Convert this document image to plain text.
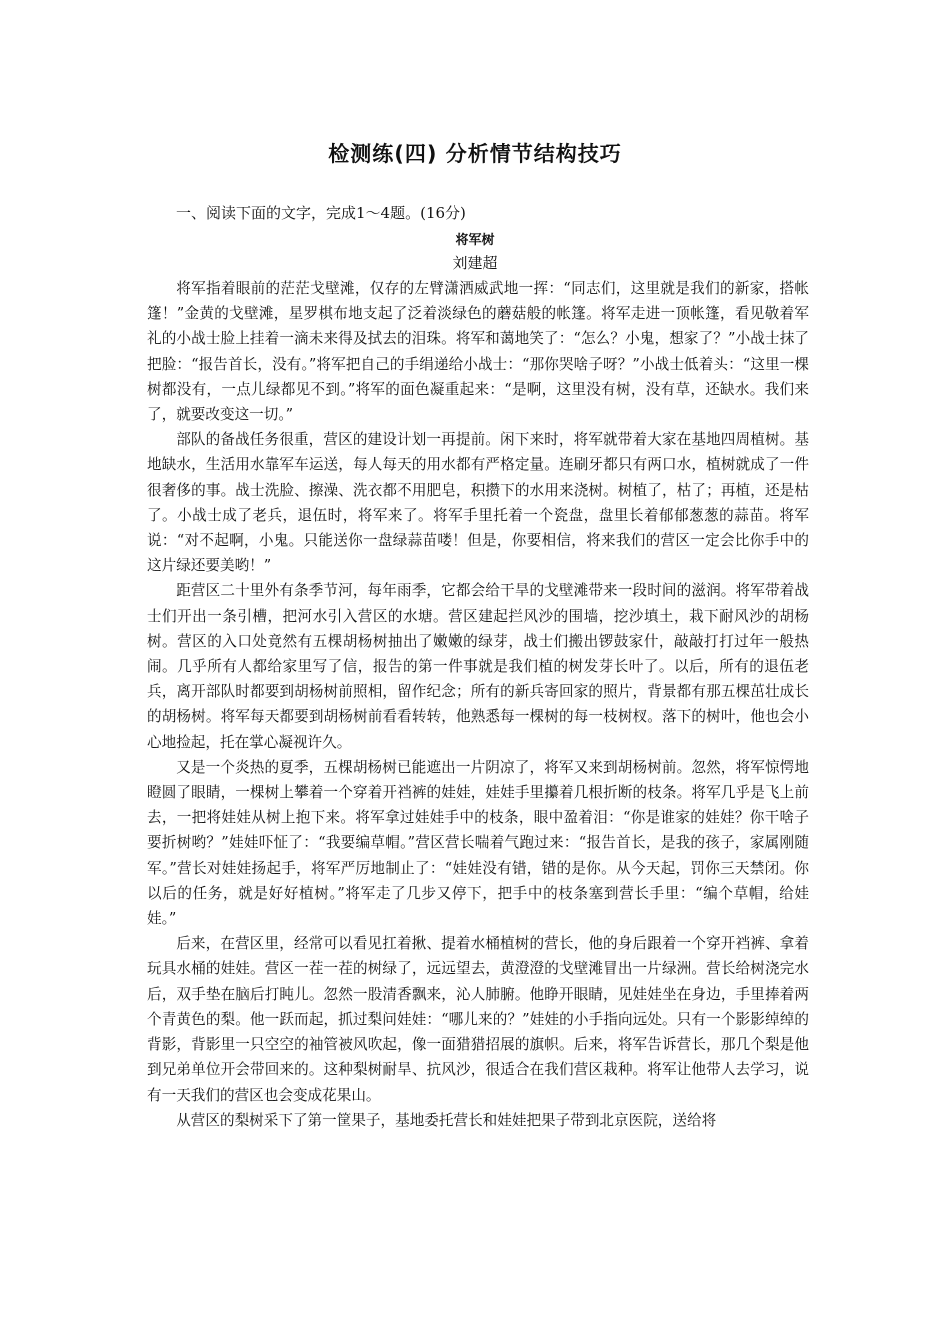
检测练(四) 分析情节结构技巧

一、阅读下面的文字，完成1～4题。(16分)

将军树

刘建超

将军指着眼前的茫茫戈壁滩，仅存的左臂潇洒威武地一挥：“同志们，这里就是我们的新家，搭帐篷！”金黄的戈壁滩，星罗棋布地支起了泛着淡绿色的蘑菇般的帐篷。将军走进一顶帐篷，看见敬着军礼的小战士脸上挂着一滴未来得及拭去的泪珠。将军和蔼地笑了：“怎么？小鬼，想家了？”小战士抹了把脸：“报告首长，没有。”将军把自己的手绢递给小战士：“那你哭啥子呀？”小战士低着头：“这里一棵树都没有，一点儿绿都见不到。”将军的面色凝重起来：“是啊，这里没有树，没有草，还缺水。我们来了，就要改变这一切。”

部队的备战任务很重，营区的建设计划一再提前。闲下来时，将军就带着大家在基地四周植树。基地缺水，生活用水靠军车运送，每人每天的用水都有严格定量。连刷牙都只有两口水，植树就成了一件很奢侈的事。战士洗脸、擦澡、洗衣都不用肥皂，积攒下的水用来浇树。树植了，枯了；再植，还是枯了。小战士成了老兵，退伍时，将军来了。将军手里托着一个瓷盘，盘里长着郁郁葱葱的蒜苗。将军说：“对不起啊，小鬼。只能送你一盘绿蒜苗喽！但是，你要相信，将来我们的营区一定会比你手中的这片绿还要美哟！”

距营区二十里外有条季节河，每年雨季，它都会给干旱的戈壁滩带来一段时间的滋润。将军带着战士们开出一条引槽，把河水引入营区的水塘。营区建起拦风沙的围墙，挖沙填土，栽下耐风沙的胡杨树。营区的入口处竟然有五棵胡杨树抽出了嫩嫩的绿芽，战士们搬出锣鼓家什，敲敲打打过年一般热闹。几乎所有人都给家里写了信，报告的第一件事就是我们植的树发芽长叶了。以后，所有的退伍老兵，离开部队时都要到胡杨树前照相，留作纪念；所有的新兵寄回家的照片，背景都有那五棵茁壮成长的胡杨树。将军每天都要到胡杨树前看看转转，他熟悉每一棵树的每一枝树杈。落下的树叶，他也会小心地捡起，托在掌心凝视许久。

又是一个炎热的夏季，五棵胡杨树已能遮出一片阴凉了，将军又来到胡杨树前。忽然，将军惊愕地瞪圆了眼睛，一棵树上攀着一个穿着开裆裤的娃娃，娃娃手里攥着几根折断的枝条。将军几乎是飞上前去，一把将娃娃从树上抱下来。将军拿过娃娃手中的枝条，眼中盈着泪：“你是谁家的娃娃？你干啥子要折树哟？”娃娃吓怔了：“我要编草帽。”营区营长喘着气跑过来：“报告首长，是我的孩子，家属刚随军。”营长对娃娃扬起手，将军严厉地制止了：“娃娃没有错，错的是你。从今天起，罚你三天禁闭。你以后的任务，就是好好植树。”将军走了几步又停下，把手中的枝条塞到营长手里：“编个草帽，给娃娃。”

后来，在营区里，经常可以看见扛着揪、提着水桶植树的营长，他的身后跟着一个穿开裆裤、拿着玩具水桶的娃娃。营区一茬一茬的树绿了，远远望去，黄澄澄的戈壁滩冒出一片绿洲。营长给树浇完水后，双手垫在脑后打盹儿。忽然一股清香飘来，沁人肺腑。他睁开眼睛，见娃娃坐在身边，手里捧着两个青黄色的梨。他一跃而起，抓过梨问娃娃：“哪儿来的？”娃娃的小手指向远处。只有一个影影绰绰的背影，背影里一只空空的袖管被风吹起，像一面猎猎招展的旗帜。后来，将军告诉营长，那几个梨是他到兄弟单位开会带回来的。这种梨树耐旱、抗风沙，很适合在我们营区栽种。将军让他带人去学习，说有一天我们的营区也会变成花果山。

从营区的梨树采下了第一筐果子，基地委托营长和娃娃把果子带到北京医院，送给将
